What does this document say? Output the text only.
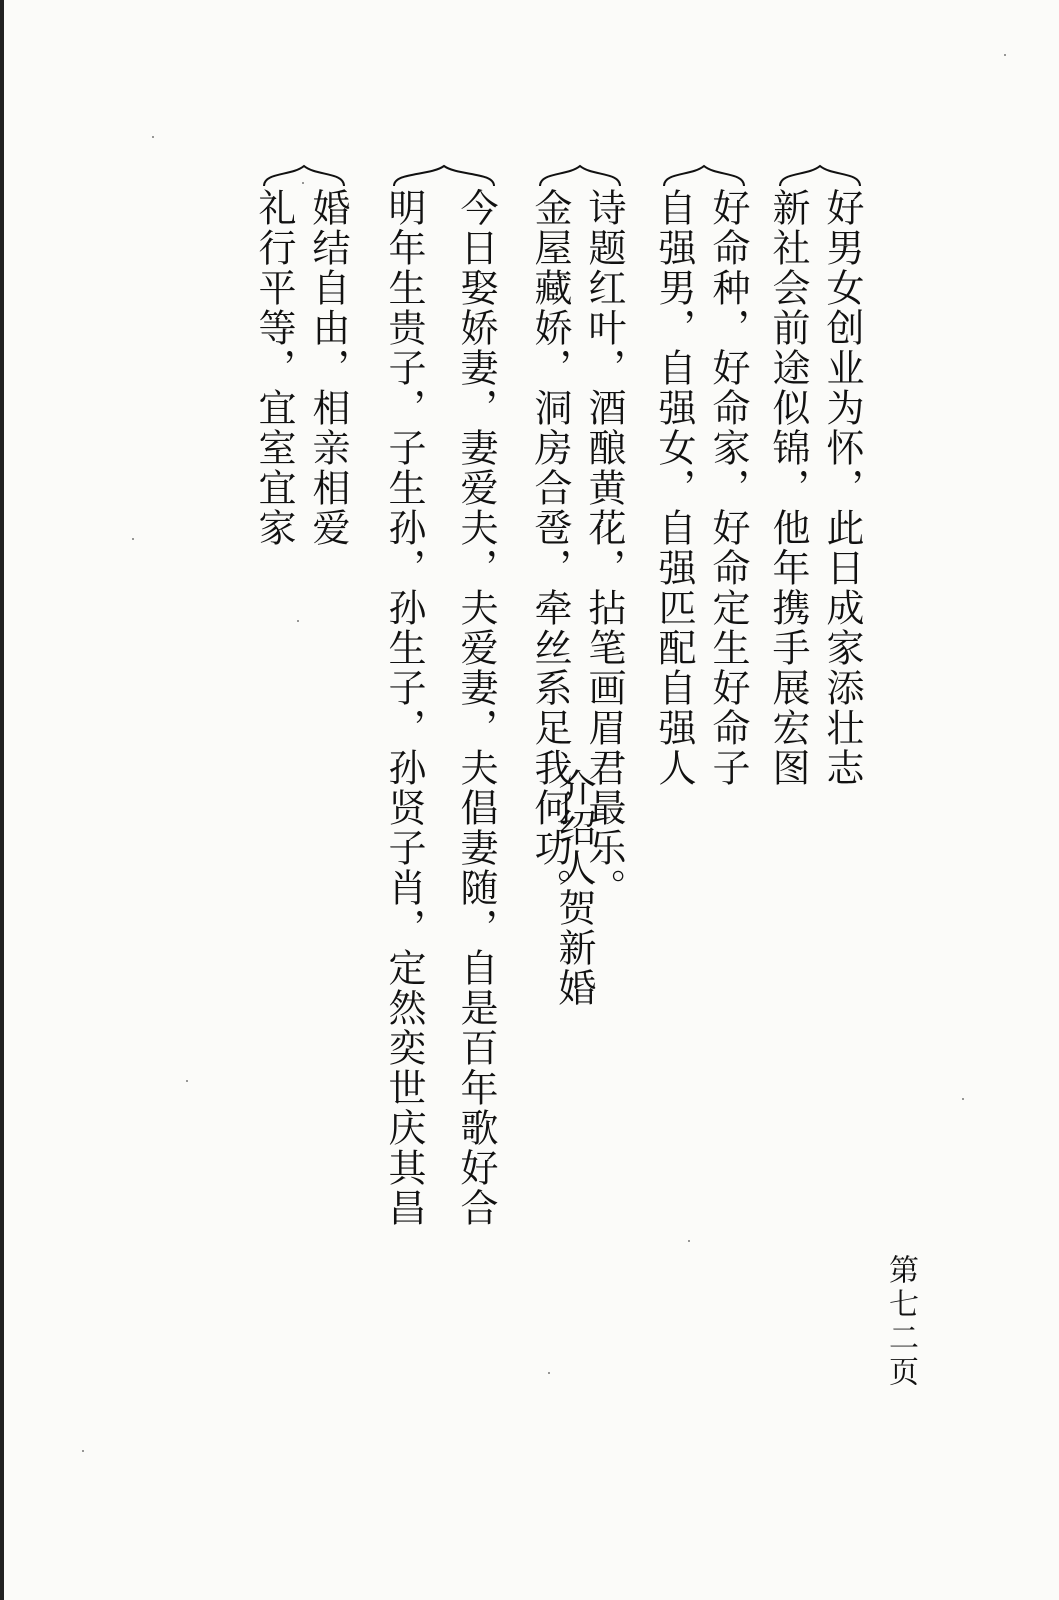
好男女创业为怀，此日成家添壮志
新社会前途似锦，他年携手展宏图
好命种，好命家，好命定生好命子
自强男，自强女，自强匹配自强人
诗题红叶，酒酿黄花，拈笔画眉君最乐。
金屋藏娇，洞房合卺，牵丝系足我何功。
介绍人贺新婚
今日娶娇妻，妻爱夫，夫爱妻，夫倡妻随，自是百年歌好合
明年生贵子，子生孙，孙生子，孙贤子肖，定然奕世庆其昌
婚结自由，相亲相爱
礼行平等，宜室宜家
第七二页
